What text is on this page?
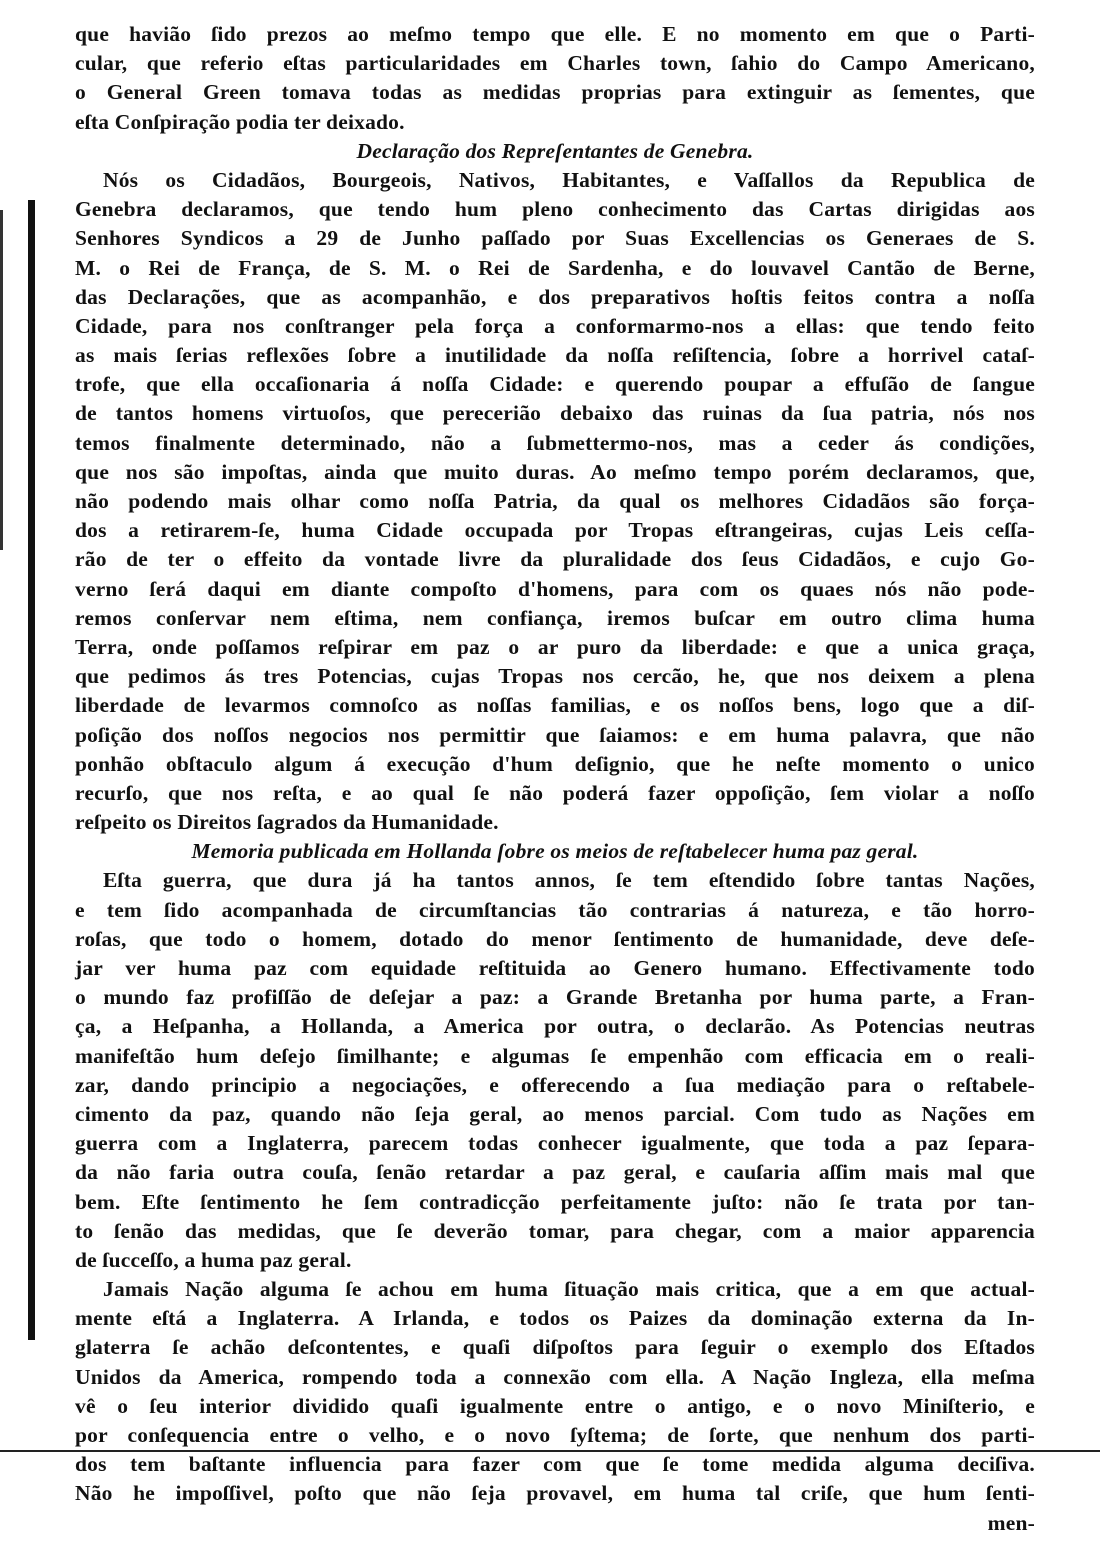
que havião ſido prezos ao meſmo tempo que elle. E no momento em que o Parti-
cular, que referio eſtas particularidades em Charles town, ſahio do Campo Americano,
o General Green tomava todas as medidas proprias para extinguir as ſementes, que
eſta Conſpiração podia ter deixado.
Declaração dos Repreſentantes de Genebra.
Nós os Cidadãos, Bourgeois, Nativos, Habitantes, e Vaſſallos da Republica de
Genebra declaramos, que tendo hum pleno conhecimento das Cartas dirigidas aos
Senhores Syndicos a 29 de Junho paſſado por Suas Excellencias os Generaes de S.
M. o Rei de França, de S. M. o Rei de Sardenha, e do louvavel Cantão de Berne,
das Declarações, que as acompanhão, e dos preparativos hoſtis feitos contra a noſſa
Cidade, para nos conſtranger pela força a conformarmo-nos a ellas: que tendo feito
as mais ſerias reflexões ſobre a inutilidade da noſſa reſiſtencia, ſobre a horrivel cataſ-
trofe, que ella occaſionaria á noſſa Cidade: e querendo poupar a effuſão de ſangue
de tantos homens virtuoſos, que perecerião debaixo das ruinas da ſua patria, nós nos
temos finalmente determinado, não a ſubmettermo-nos, mas a ceder ás condições,
que nos são impoſtas, ainda que muito duras. Ao meſmo tempo porém declaramos, que,
não podendo mais olhar como noſſa Patria, da qual os melhores Cidadãos são força-
dos a retirarem-ſe, huma Cidade occupada por Tropas eſtrangeiras, cujas Leis ceſſa-
rão de ter o effeito da vontade livre da pluralidade dos ſeus Cidadãos, e cujo Go-
verno ſerá daqui em diante compoſto d'homens, para com os quaes nós não pode-
remos conſervar nem eſtima, nem confiança, iremos buſcar em outro clima huma
Terra, onde poſſamos reſpirar em paz o ar puro da liberdade: e que a unica graça,
que pedimos ás tres Potencias, cujas Tropas nos cercão, he, que nos deixem a plena
liberdade de levarmos comnoſco as noſſas familias, e os noſſos bens, logo que a diſ-
poſição dos noſſos negocios nos permittir que ſaiamos: e em huma palavra, que não
ponhão obſtaculo algum á execução d'hum deſignio, que he neſte momento o unico
recurſo, que nos reſta, e ao qual ſe não poderá fazer oppoſição, ſem violar a noſſo
reſpeito os Direitos ſagrados da Humanidade.
Memoria publicada em Hollanda ſobre os meios de reſtabelecer huma paz geral.
Eſta guerra, que dura já ha tantos annos, ſe tem eſtendido ſobre tantas Nações,
e tem ſido acompanhada de circumſtancias tão contrarias á natureza, e tão horro-
roſas, que todo o homem, dotado do menor ſentimento de humanidade, deve deſe-
jar ver huma paz com equidade reſtituida ao Genero humano. Effectivamente todo
o mundo faz profiſſão de deſejar a paz: a Grande Bretanha por huma parte, a Fran-
ça, a Heſpanha, a Hollanda, a America por outra, o declarão. As Potencias neutras
manifeſtão hum deſejo ſimilhante; e algumas ſe empenhão com efficacia em o reali-
zar, dando principio a negociações, e offerecendo a ſua mediação para o reſtabele-
cimento da paz, quando não ſeja geral, ao menos parcial. Com tudo as Nações em
guerra com a Inglaterra, parecem todas conhecer igualmente, que toda a paz ſepara-
da não faria outra couſa, ſenão retardar a paz geral, e cauſaria aſſim mais mal que
bem. Eſte ſentimento he ſem contradicção perfeitamente juſto: não ſe trata por tan-
to ſenão das medidas, que ſe deverão tomar, para chegar, com a maior apparencia
de ſucceſſo, a huma paz geral.
Jamais Nação alguma ſe achou em huma ſituação mais critica, que a em que actual-
mente eſtá a Inglaterra. A Irlanda, e todos os Paizes da dominação externa da In-
glaterra ſe achão deſcontentes, e quaſi diſpoſtos para ſeguir o exemplo dos Eſtados
Unidos da America, rompendo toda a connexão com ella. A Nação Ingleza, ella meſma
vê o ſeu interior dividido quaſi igualmente entre o antigo, e o novo Miniſterio, e
por conſequencia entre o velho, e o novo ſyſtema; de ſorte, que nenhum dos parti-
dos tem baſtante influencia para fazer com que ſe tome medida alguma deciſiva.
Não he impoſſivel, poſto que não ſeja provavel, em huma tal criſe, que hum ſenti-
men-
